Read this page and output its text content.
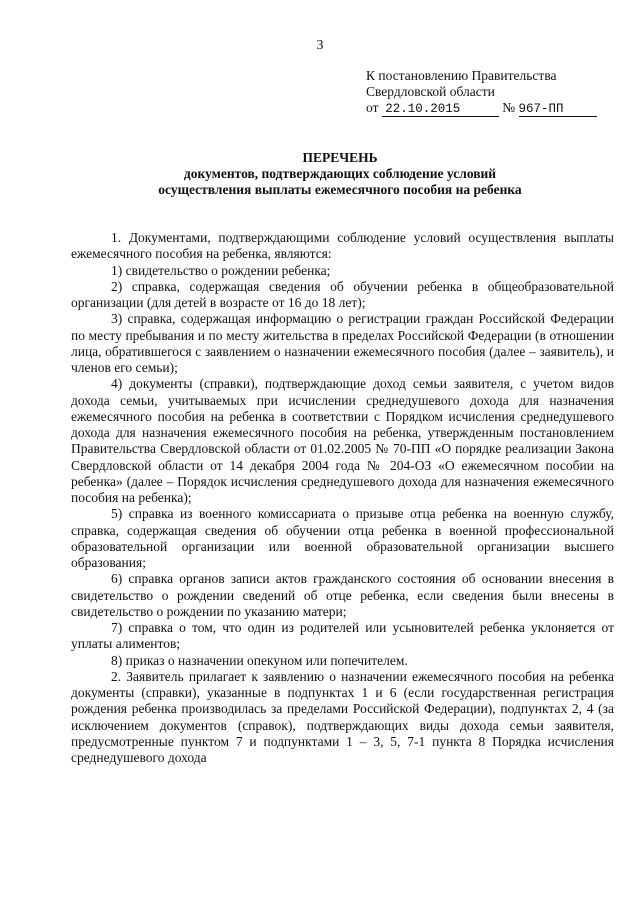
3
К постановлению Правительства
Свердловской области
от 22.10.2015	№ 967-ПП
ПЕРЕЧЕНЬ
документов, подтверждающих соблюдение условий
осуществления выплаты ежемесячного пособия на ребенка

1. Документами, подтверждающими соблюдение условий осуществления выплаты ежемесячного пособия на ребенка, являются:

1) свидетельство о рождении ребенка;

2) справка, содержащая сведения об обучении ребенка в общеобразовательной организации (для детей в возрасте от 16 до 18 лет);

3) справка, содержащая информацию о регистрации граждан Российской Федерации по месту пребывания и по месту жительства в пределах Российской Федерации (в отношении лица, обратившегося с заявлением о назначении ежемесячного пособия (далее – заявитель), и членов его семьи);

4) документы (справки), подтверждающие доход семьи заявителя, с учетом видов дохода семьи, учитываемых при исчислении среднедушевого дохода для назначения ежемесячного пособия на ребенка в соответствии с Порядком исчисления среднедушевого дохода для назначения ежемесячного пособия на ребенка, утвержденным постановлением Правительства Свердловской области от 01.02.2005 № 70-ПП «О порядке реализации Закона Свердловской области от 14 декабря 2004 года № 204-ОЗ «О ежемесячном пособии на ребенка» (далее – Порядок исчисления среднедушевого дохода для назначения ежемесячного пособия на ребенка);

5) справка из военного комиссариата о призыве отца ребенка на военную службу, справка, содержащая сведения об обучении отца ребенка в военной профессиональной образовательной организации или военной образовательной организации высшего образования;

6) справка органов записи актов гражданского состояния об основании внесения в свидетельство о рождении сведений об отце ребенка, если сведения были внесены в свидетельство о рождении по указанию матери;

7) справка о том, что один из родителей или усыновителей ребенка уклоняется от уплаты алиментов;

8) приказ о назначении опекуном или попечителем.

2. Заявитель прилагает к заявлению о назначении ежемесячного пособия на ребенка документы (справки), указанные в подпунктах 1 и 6 (если государственная регистрация рождения ребенка производилась за пределами Российской Федерации), подпунктах 2, 4 (за исключением документов (справок), подтверждающих виды дохода семьи заявителя, предусмотренные пунктом 7 и подпунктами 1 – 3, 5, 7-1 пункта 8 Порядка исчисления среднедушевого дохода
